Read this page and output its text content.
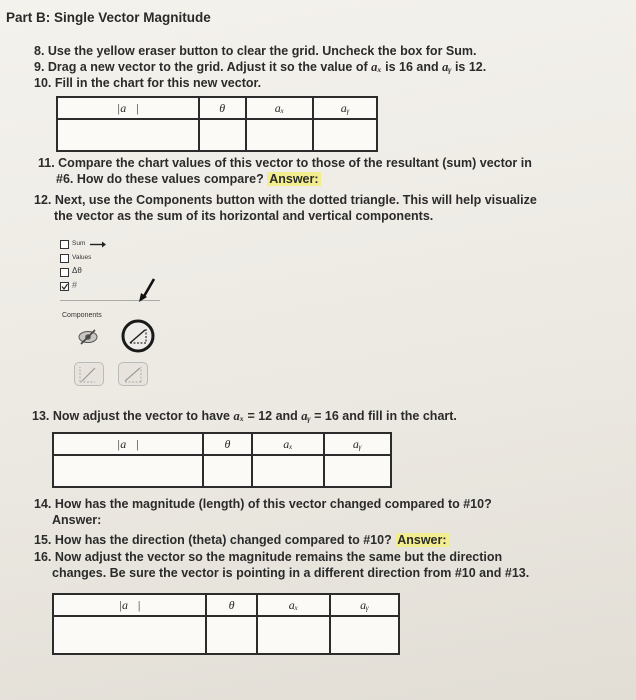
Part B: Single Vector Magnitude
8. Use the yellow eraser button to clear the grid. Uncheck the box for Sum.
9. Drag a new vector to the grid. Adjust it so the value of aₓ is 16 and aᵧ is 12.
10. Fill in the chart for this new vector.
|a⃗|	θ	aₓ	aᵧ

11. Compare the chart values of this vector to those of the resultant (sum) vector in
#6. How do these values compare? Answer:
12. Next, use the Components button with the dotted triangle. This will help visualize
the vector as the sum of its horizontal and vertical components.
Sum
Values
Δθ
#
Components
13. Now adjust the vector to have aₓ = 12 and aᵧ = 16 and fill in the chart.
|a⃗|	θ	aₓ	aᵧ

14. How has the magnitude (length) of this vector changed compared to #10?
Answer:
15. How has the direction (theta) changed compared to #10? Answer:
16. Now adjust the vector so the magnitude remains the same but the direction
changes. Be sure the vector is pointing in a different direction from #10 and #13.
|a⃗|	θ	aₓ	aᵧ
